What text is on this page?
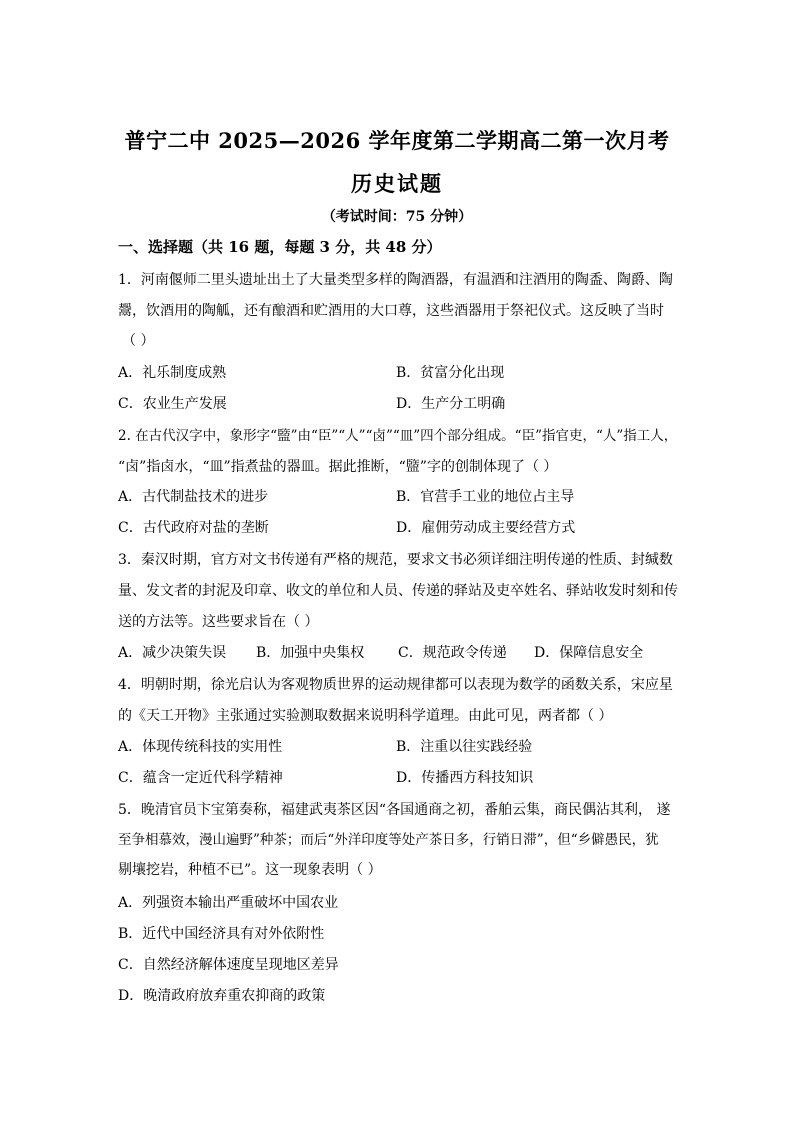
普宁二中 2025—2026 学年度第二学期高二第一次月考
历史试题
（考试时间：75 分钟）
一、选择题（共 16 题，每题 3 分，共 48 分）
1．河南偃师二里头遗址出土了大量类型多样的陶酒器，有温酒和注酒用的陶盉、陶爵、陶
鬶，饮酒用的陶觚，还有酿酒和贮酒用的大口尊，这些酒器用于祭祀仪式。这反映了当时
（ ）
A．礼乐制度成熟	B．贫富分化出现
C．农业生产发展	D．生产分工明确
2. 在古代汉字中，象形字“盬”由“臣”“人”“卤”“皿”四个部分组成。“臣”指官吏，“人”指工人，
“卤”指卤水，“皿”指煮盐的器皿。据此推断，“盬”字的创制体现了（ ）
A．古代制盐技术的进步	B．官营手工业的地位占主导
C．古代政府对盐的垄断	D．雇佣劳动成主要经营方式
3．秦汉时期，官方对文书传递有严格的规范，要求文书必须详细注明传递的性质、封缄数
量、发文者的封泥及印章、收文的单位和人员、传递的驿站及吏卒姓名、驿站收发时刻和传
送的方法等。这些要求旨在（ ）
A．减少决策失误 B．加强中央集权 C．规范政令传递 D．保障信息安全
4．明朝时期，徐光启认为客观物质世界的运动规律都可以表现为数学的函数关系，宋应星
的《天工开物》主张通过实验测取数据来说明科学道理。由此可见，两者都（ ）
A．体现传统科技的实用性	B．注重以往实践经验
C．蕴含一定近代科学精神	D．传播西方科技知识
5．晚清官员卞宝第奏称，福建武夷茶区因“各国通商之初，番舶云集，商民偶沾其利， 遂
至争相慕效，漫山遍野”种茶；而后“外洋印度等处产茶日多，行销日滞”，但“乡僻愚民，犹
剔壤挖岩，种植不已”。这一现象表明（ ）
A．列强资本输出严重破坏中国农业
B．近代中国经济具有对外依附性
C．自然经济解体速度呈现地区差异
D．晚清政府放弃重农抑商的政策
